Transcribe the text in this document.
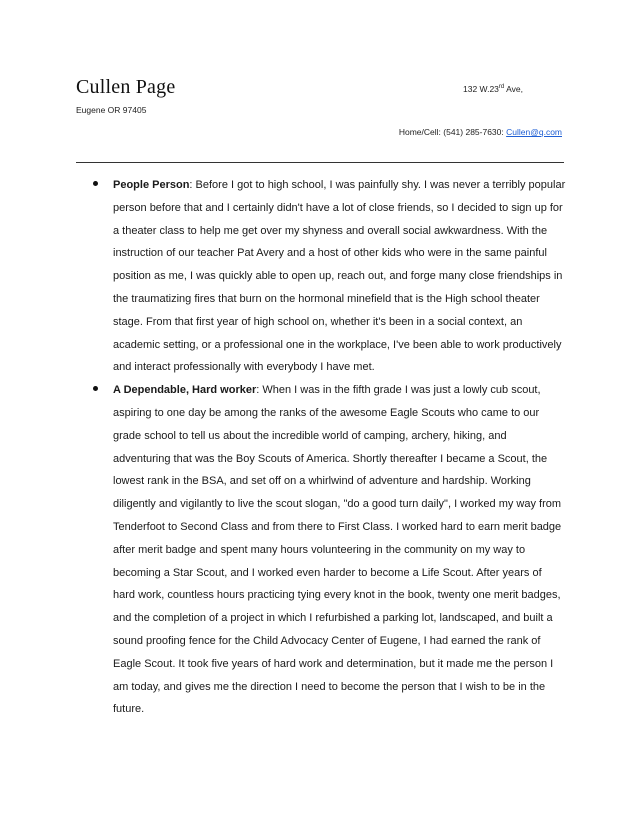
Cullen Page	132 W.23rd Ave,
Eugene OR 97405
Home/Cell: (541) 285-7630: Cullen@q.com
People Person: Before I got to high school, I was painfully shy. I was never a terribly popular person before that and I certainly didn't have a lot of close friends, so I decided to sign up for a theater class to help me get over my shyness and overall social awkwardness. With the instruction of our teacher Pat Avery and a host of other kids who were in the same painful position as me, I was quickly able to open up, reach out, and forge many close friendships in the traumatizing fires that burn on the hormonal minefield that is the High school theater stage. From that first year of high school on, whether it's been in a social context, an academic setting, or a professional one in the workplace, I've been able to work productively and interact professionally with everybody I have met.
A Dependable, Hard worker: When I was in the fifth grade I was just a lowly cub scout, aspiring to one day be among the ranks of the awesome Eagle Scouts who came to our grade school to tell us about the incredible world of camping, archery, hiking, and adventuring that was the Boy Scouts of America. Shortly thereafter I became a Scout, the lowest rank in the BSA, and set off on a whirlwind of adventure and hardship. Working diligently and vigilantly to live the scout slogan, "do a good turn daily", I worked my way from Tenderfoot to Second Class and from there to First Class. I worked hard to earn merit badge after merit badge and spent many hours volunteering in the community on my way to becoming a Star Scout, and I worked even harder to become a Life Scout. After years of hard work, countless hours practicing tying every knot in the book, twenty one merit badges, and the completion of a project in which I refurbished a parking lot, landscaped, and built a sound proofing fence for the Child Advocacy Center of Eugene, I had earned the rank of Eagle Scout. It took five years of hard work and determination, but it made me the person I am today, and gives me the direction I need to become the person that I wish to be in the future.
